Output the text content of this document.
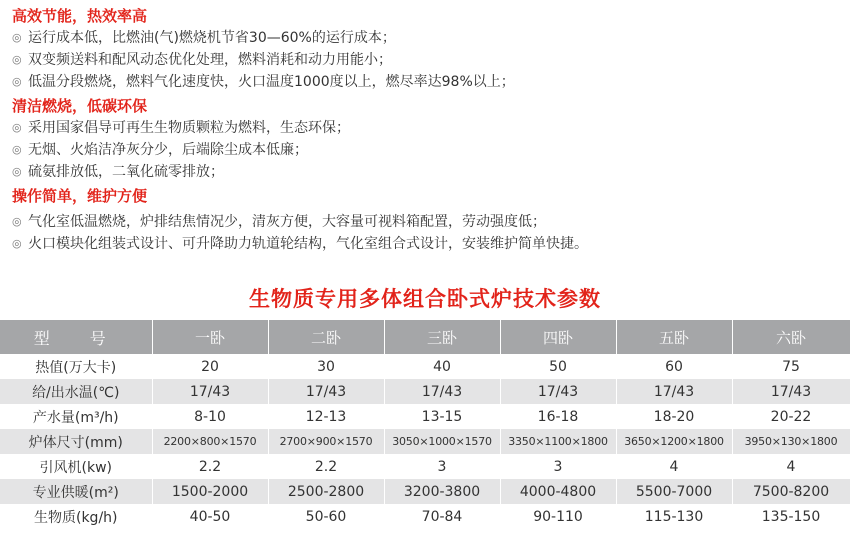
高效节能，热效率高
◎ 运行成本低，比燃油(气)燃烧机节省30—60%的运行成本；
◎ 双变频送料和配风动态优化处理，燃料消耗和动力用能小；
◎ 低温分段燃烧，燃料气化速度快，火口温度1000度以上，燃尽率达98%以上；
清洁燃烧，低碳环保
◎ 采用国家倡导可再生生物质颗粒为燃料，生态环保；
◎ 无烟、火焰洁净灰分少，后端除尘成本低廉；
◎ 硫氨排放低，二氧化硫零排放；
操作简单，维护方便
◎ 气化室低温燃烧，炉排结焦情况少，清灰方便，大容量可视料箱配置，劳动强度低；
◎ 火口模块化组装式设计、可升降助力轨道轮结构，气化室组合式设计，安装维护简单快捷。
生物质专用多体组合卧式炉技术参数
型　号	一卧	二卧	三卧	四卧	五卧	六卧
热值(万大卡)	20	30	40	50	60	75
给/出水温(℃)	17/43	17/43	17/43	17/43	17/43	17/43
产水量(m³/h)	8-10	12-13	13-15	16-18	18-20	20-22
炉体尺寸(mm)	2200×800×1570	2700×900×1570	3050×1000×1570	3350×1100×1800	3650×1200×1800	3950×130×1800
引风机(kw)	2.2	2.2	3	3	4	4
专业供暖(m²)	1500-2000	2500-2800	3200-3800	4000-4800	5500-7000	7500-8200
生物质(kg/h)	40-50	50-60	70-84	90-110	115-130	135-150
